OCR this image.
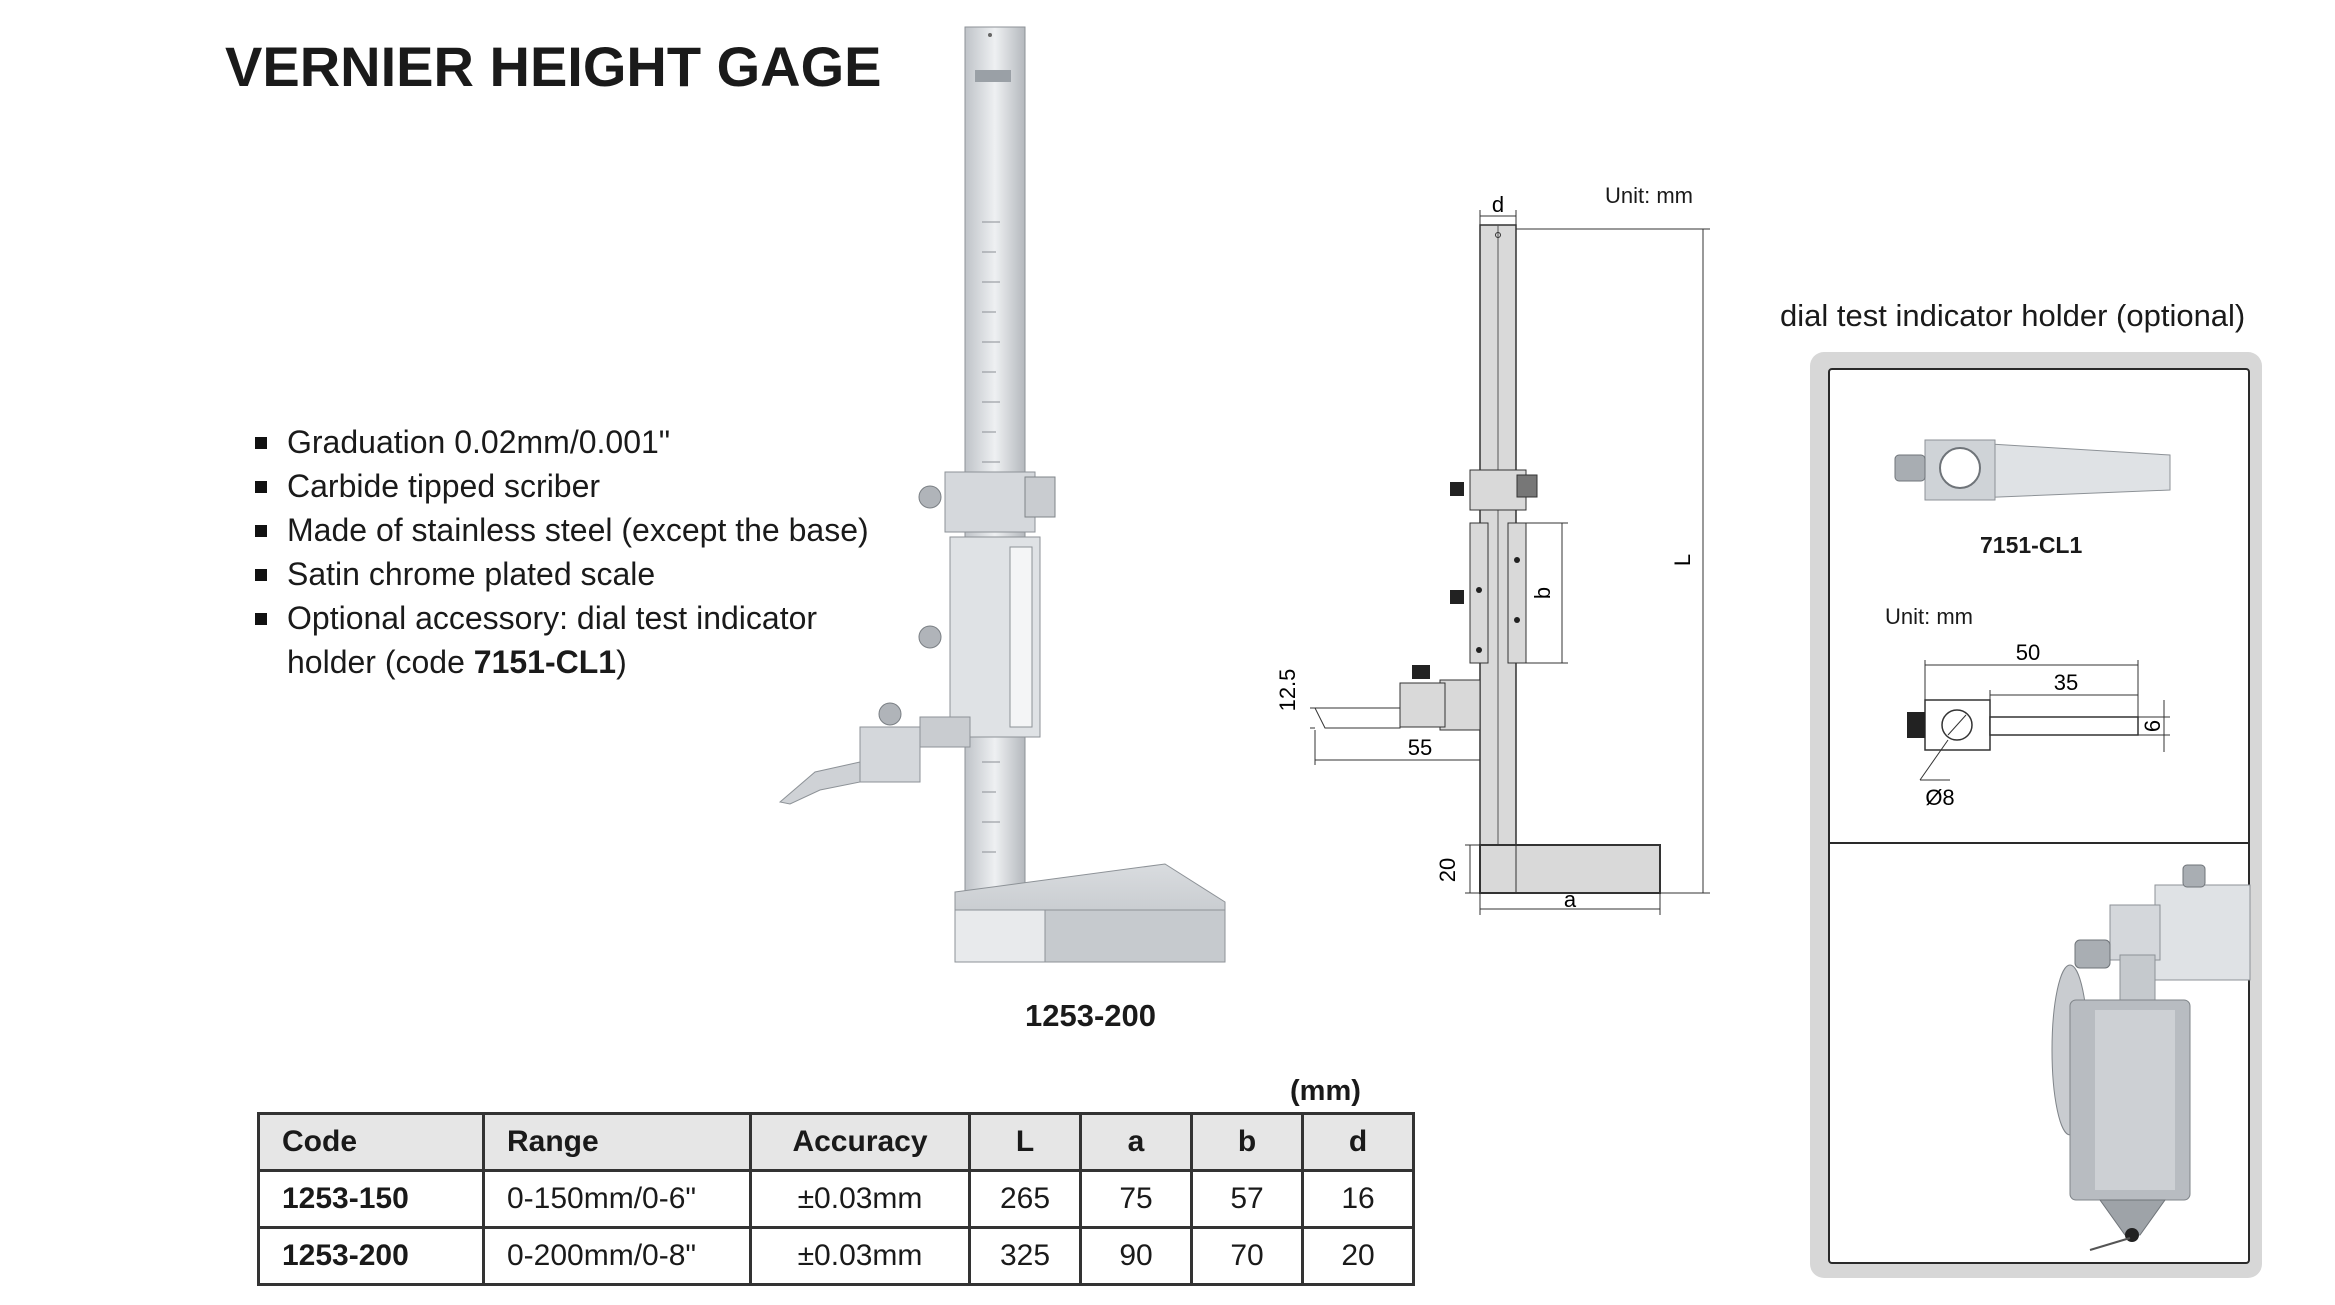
VERNIER HEIGHT GAGE
Graduation 0.02mm/0.001"
Carbide tipped scriber
Made of stainless steel (except the base)
Satin chrome plated scale
Optional accessory: dial test indicator
holder (code 7151-CL1)
1253-200
Unit: mm
d
L
b
12.5
55
20
a
dial test indicator holder (optional)
7151-CL1
Unit: mm
50
35
6
Ø8
(mm)
Code	Range	Accuracy	L	a	b	d
1253-150	0-150mm/0-6"	±0.03mm	265	75	57	16
1253-200	0-200mm/0-8"	±0.03mm	325	90	70	20
